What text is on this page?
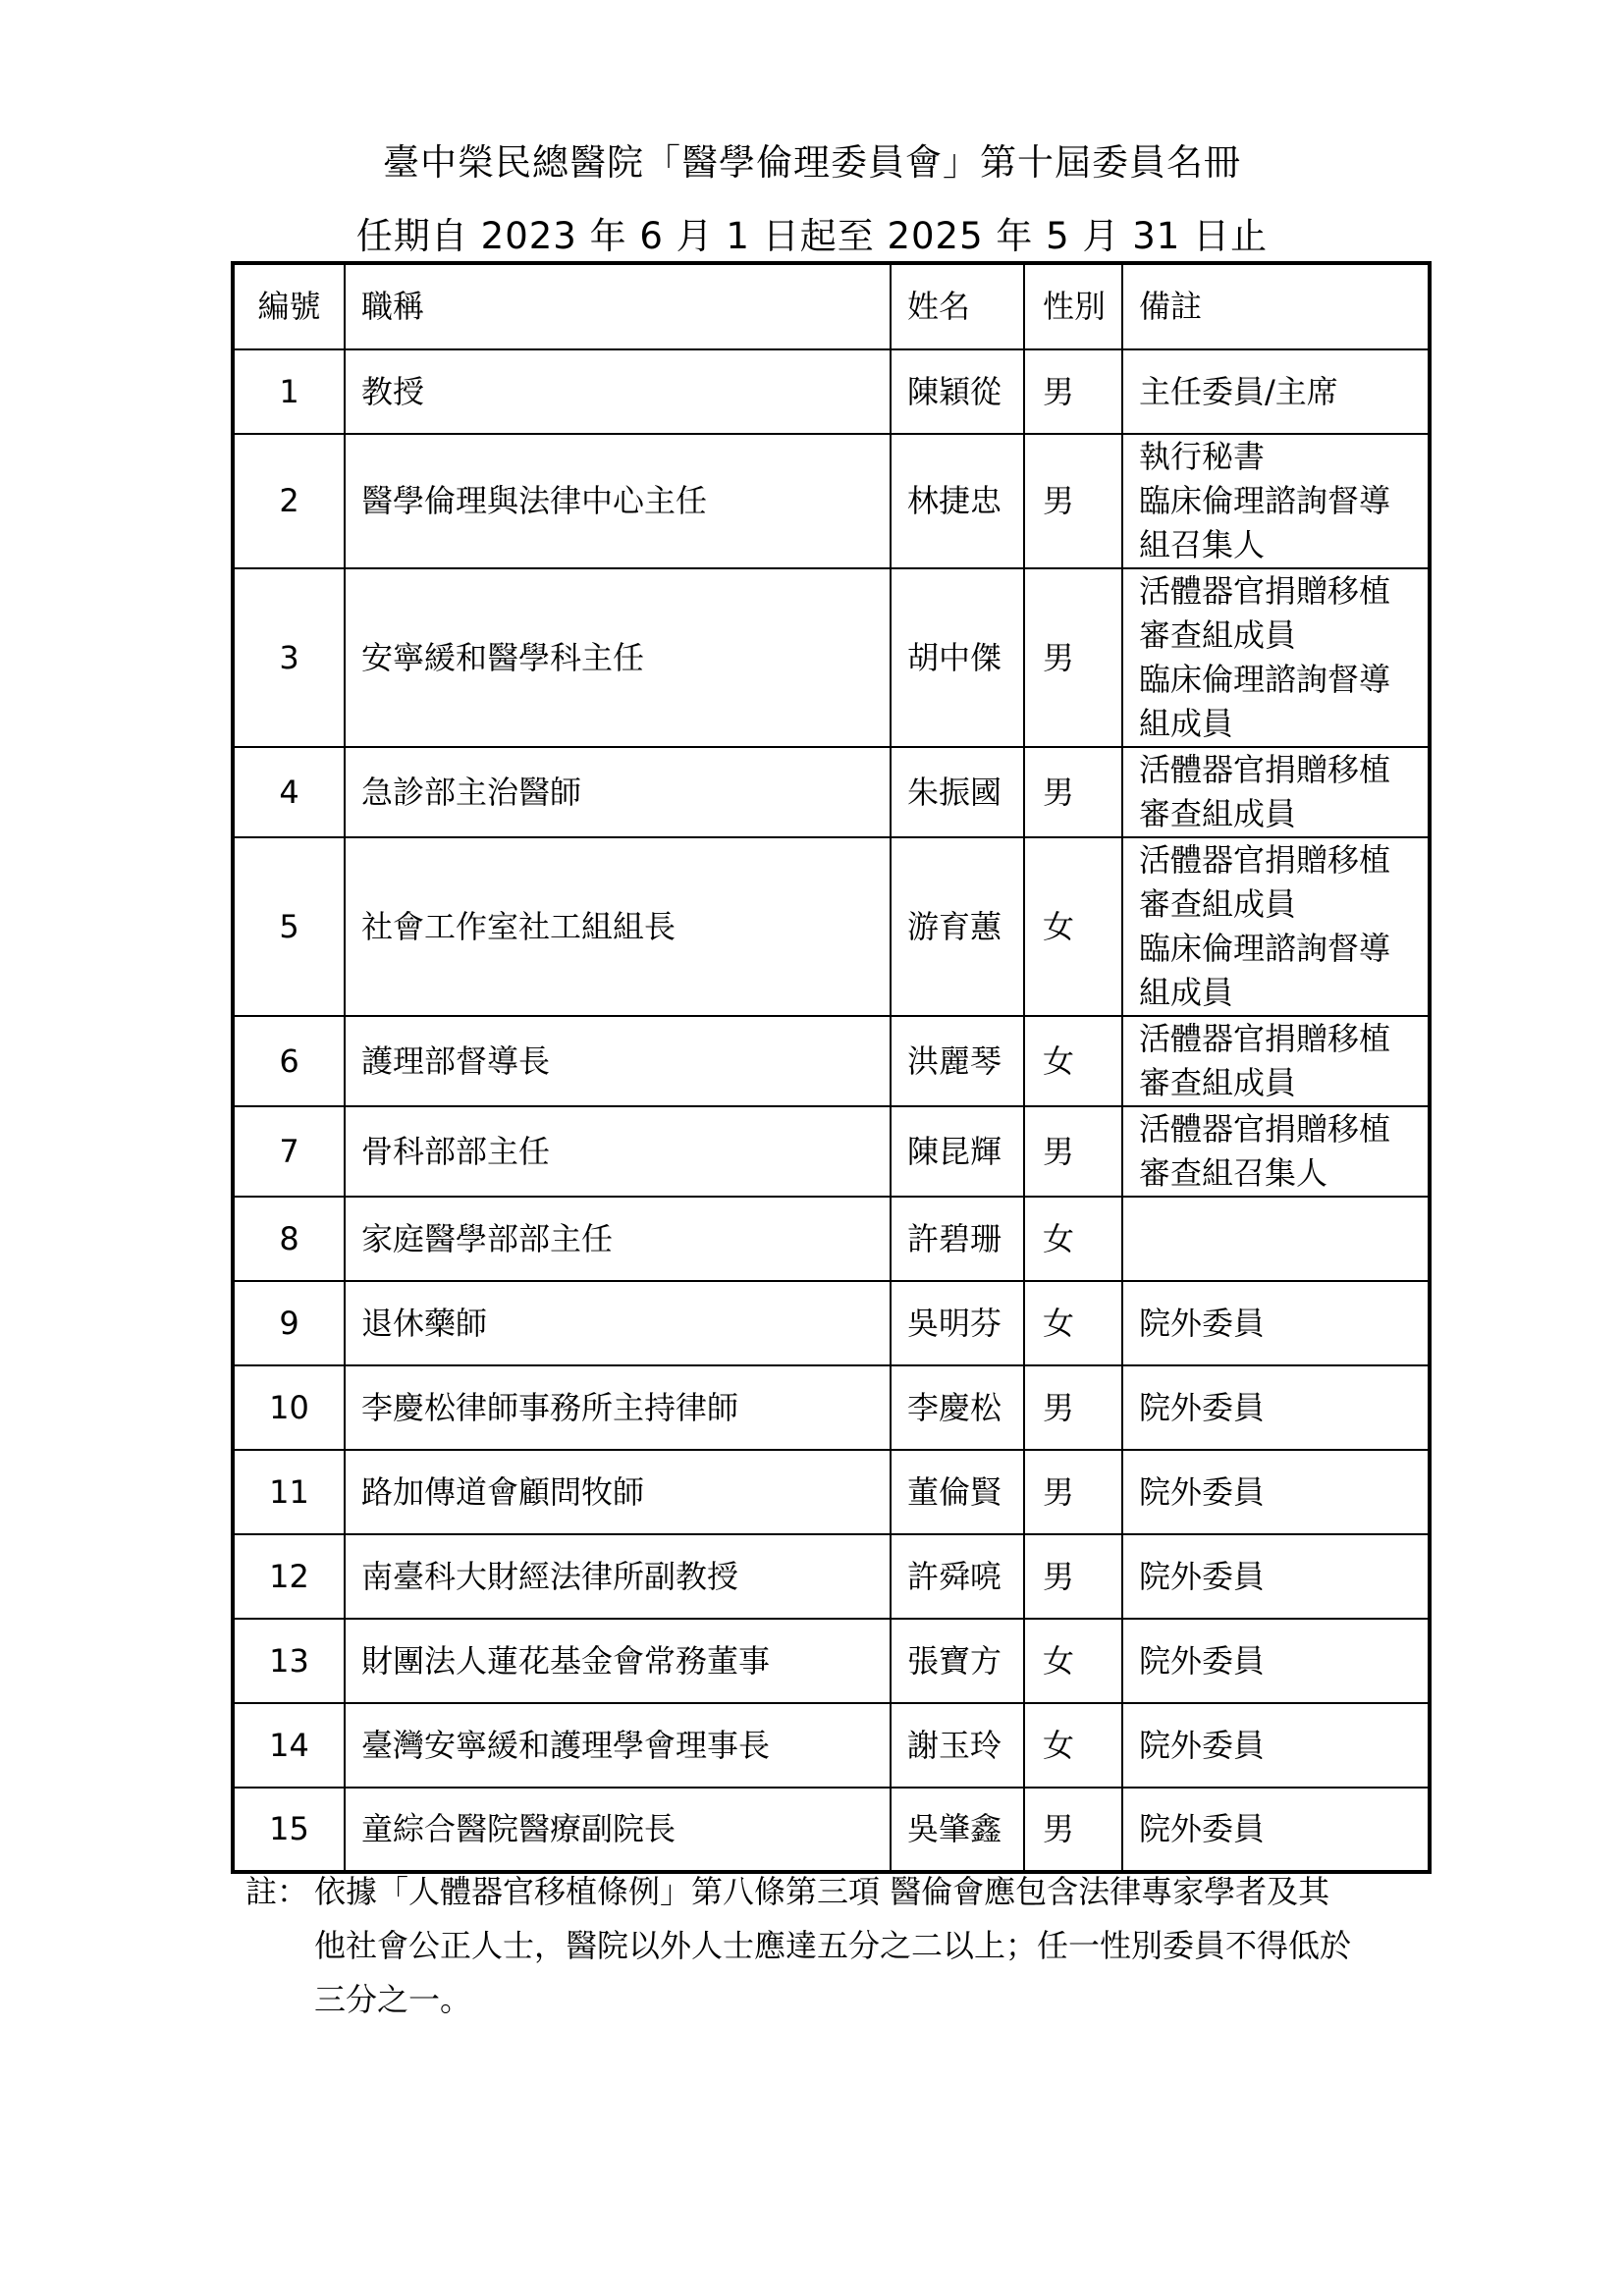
臺中榮民總醫院「醫學倫理委員會」第十屆委員名冊
任期自 2023 年 6 月 1 日起至 2025 年 5 月 31 日止
編號	職稱	姓名	性別	備註
1	教授	陳穎從	男	主任委員/主席

2	醫學倫理與法律中心主任	林捷忠	男	執行秘書
臨床倫理諮詢督導
組召集人

3	安寧緩和醫學科主任	胡中傑	男	活體器官捐贈移植
審查組成員
臨床倫理諮詢督導
組成員

4	急診部主治醫師	朱振國	男	活體器官捐贈移植
審查組成員

5	社會工作室社工組組長	游育蕙	女	活體器官捐贈移植
審查組成員
臨床倫理諮詢督導
組成員

6	護理部督導長	洪麗琴	女	活體器官捐贈移植
審查組成員

7	骨科部部主任	陳昆輝	男	活體器官捐贈移植
審查組召集人

8	家庭醫學部部主任	許碧珊	女	
9	退休藥師	吳明芬	女	院外委員

10	李慶松律師事務所主持律師	李慶松	男	院外委員

11	路加傳道會顧問牧師	董倫賢	男	院外委員

12	南臺科大財經法律所副教授	許舜喨	男	院外委員

13	財團法人蓮花基金會常務董事	張寶方	女	院外委員

14	臺灣安寧緩和護理學會理事長	謝玉玲	女	院外委員

15	童綜合醫院醫療副院長	吳肇鑫	男	院外委員
註： 依據「人體器官移植條例」第八條第三項 醫倫會應包含法律專家學者及其
他社會公正人士，醫院以外人士應達五分之二以上；任一性別委員不得低於
三分之一。
